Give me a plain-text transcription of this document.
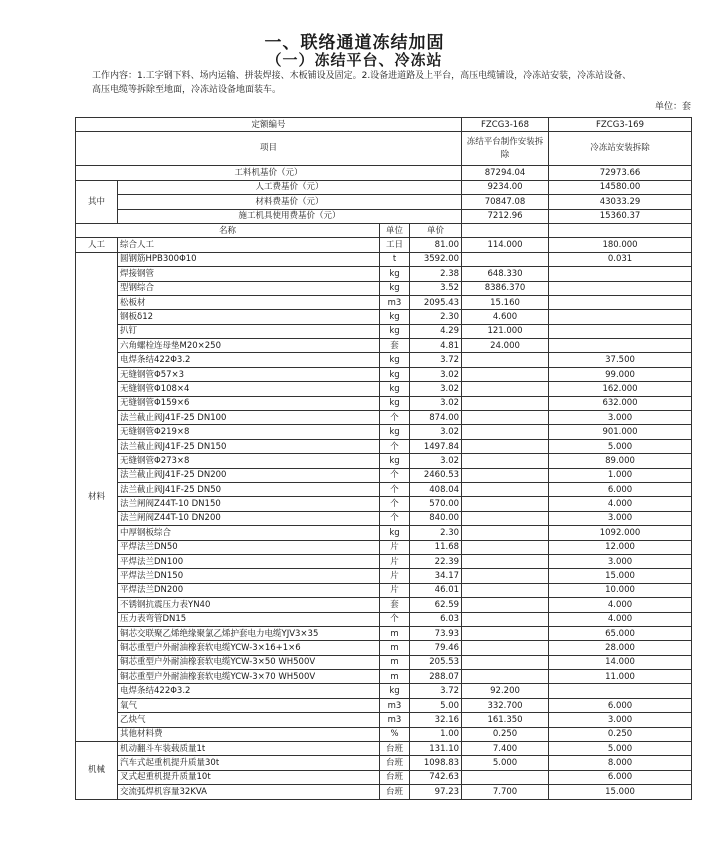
一、联络通道冻结加固
（一）冻结平台、冷冻站
工作内容：1.工字钢下料、场内运输、拼装焊接、木板铺设及固定。2.设备进道路及上平台，高压电缆铺设，冷冻站安装，冷冻站设备、高压电缆等拆除至地面，冷冻站设备地面装车。
单位：套
定额编号				FZCG3-168	FZCG3-169
项目				冻结平台制作安装拆除	冷冻站安装拆除
工料机基价（元）				87294.04	72973.66
其中	人工费基价（元）			9234.00	14580.00
	材料费基价（元）			70847.08	43033.29
	施工机具使用费基价（元）			7212.96	15360.37
名称		单位	单价		
人工	综合人工	工日	81.00	114.000	180.000
材料	圆钢筋HPB300Φ10	t	3592.00		0.031
	焊接钢管	kg	2.38	648.330	
	型钢综合	kg	3.52	8386.370	
	松板材	m3	2095.43	15.160	
	钢板δ12	kg	2.30	4.600	
	扒钉	kg	4.29	121.000	
	六角螺栓连母垫M20×250	套	4.81	24.000	
	电焊条结422Φ3.2	kg	3.72		37.500
	无缝钢管Φ57×3	kg	3.02		99.000
	无缝钢管Φ108×4	kg	3.02		162.000
	无缝钢管Φ159×6	kg	3.02		632.000
	法兰截止阀J41F-25 DN100	个	874.00		3.000
	无缝钢管Φ219×8	kg	3.02		901.000
	法兰截止阀J41F-25 DN150	个	1497.84		5.000
	无缝钢管Φ273×8	kg	3.02		89.000
	法兰截止阀J41F-25 DN200	个	2460.53		1.000
	法兰截止阀J41F-25 DN50	个	408.04		6.000
	法兰闸阀Z44T-10 DN150	个	570.00		4.000
	法兰闸阀Z44T-10 DN200	个	840.00		3.000
	中厚钢板综合	kg	2.30		1092.000
	平焊法兰DN50	片	11.68		12.000
	平焊法兰DN100	片	22.39		3.000
	平焊法兰DN150	片	34.17		15.000
	平焊法兰DN200	片	46.01		10.000
	不锈钢抗震压力表YN40	套	62.59		4.000
	压力表弯管DN15	个	6.03		4.000
	铜芯交联聚乙烯绝缘聚氯乙烯护套电力电缆YJV3×35	m	73.93		65.000
	铜芯重型户外耐油橡套软电缆YCW-3×16+1×6	m	79.46		28.000
	铜芯重型户外耐油橡套软电缆YCW-3×50 WH500V	m	205.53		14.000
	铜芯重型户外耐油橡套软电缆YCW-3×70 WH500V	m	288.07		11.000
	电焊条结422Φ3.2	kg	3.72	92.200	
	氧气	m3	5.00	332.700	6.000
	乙炔气	m3	32.16	161.350	3.000
	其他材料费	%	1.00	0.250	0.250
机械	机动翻斗车装载质量1t	台班	131.10	7.400	5.000
	汽车式起重机提升质量30t	台班	1098.83	5.000	8.000
	叉式起重机提升质量10t	台班	742.63		6.000
	交流弧焊机容量32KVA	台班	97.23	7.700	15.000
